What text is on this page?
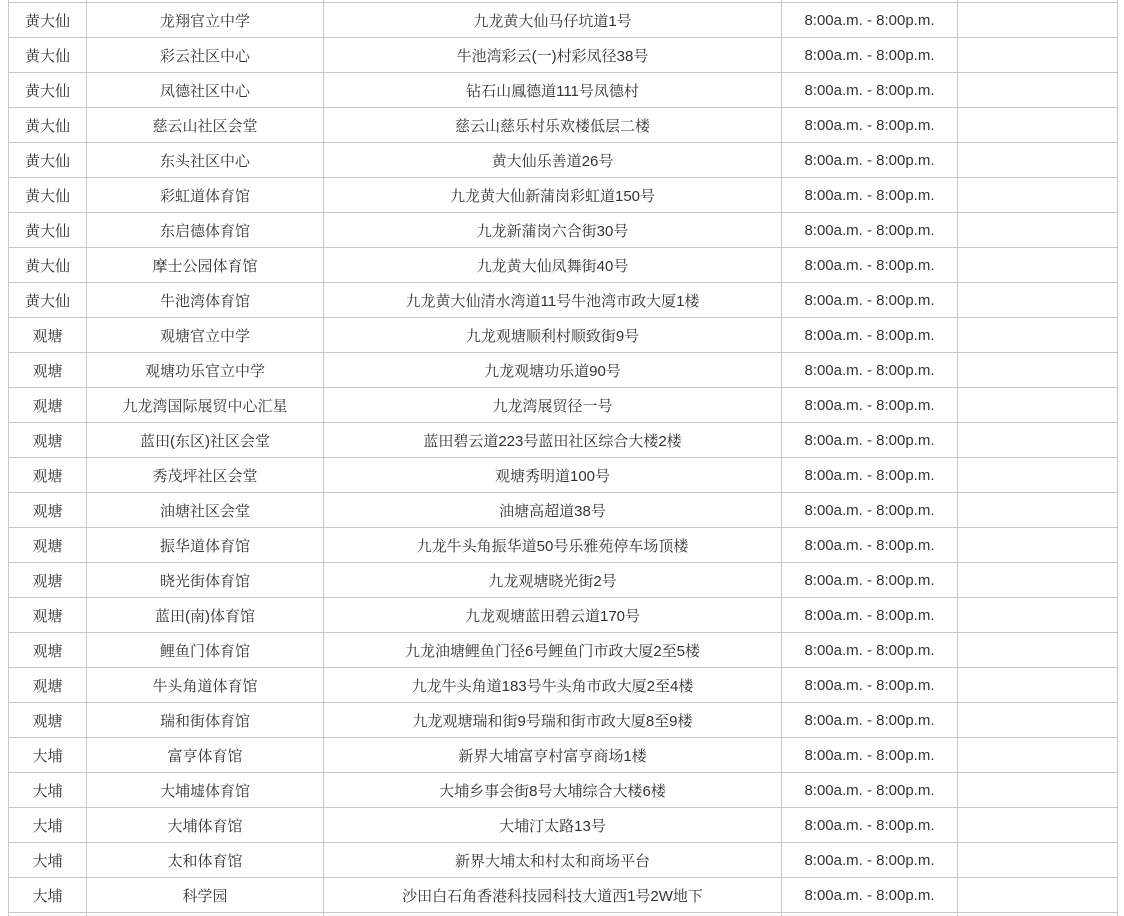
黄大仙	龙翔官立中学	九龙黄大仙马仔坑道1号	8:00a.m. - 8:00p.m.	
黄大仙	彩云社区中心	牛池湾彩云(一)村彩凤径38号	8:00a.m. - 8:00p.m.	
黄大仙	凤德社区中心	钻石山鳳德道111号凤德村	8:00a.m. - 8:00p.m.	
黄大仙	慈云山社区会堂	慈云山慈乐村乐欢楼低层二楼	8:00a.m. - 8:00p.m.	
黄大仙	东头社区中心	黄大仙乐善道26号	8:00a.m. - 8:00p.m.	
黄大仙	彩虹道体育馆	九龙黄大仙新蒲岗彩虹道150号	8:00a.m. - 8:00p.m.	
黄大仙	东启德体育馆	九龙新蒲岗六合街30号	8:00a.m. - 8:00p.m.	
黄大仙	摩士公园体育馆	九龙黄大仙凤舞街40号	8:00a.m. - 8:00p.m.	
黄大仙	牛池湾体育馆	九龙黄大仙清水湾道11号牛池湾市政大厦1楼	8:00a.m. - 8:00p.m.	
观塘	观塘官立中学	九龙观塘顺利村顺致街9号	8:00a.m. - 8:00p.m.	
观塘	观塘功乐官立中学	九龙观塘功乐道90号	8:00a.m. - 8:00p.m.	
观塘	九龙湾国际展贸中心汇星	九龙湾展贸径一号	8:00a.m. - 8:00p.m.	
观塘	蓝田(东区)社区会堂	蓝田碧云道223号蓝田社区综合大楼2楼	8:00a.m. - 8:00p.m.	
观塘	秀茂坪社区会堂	观塘秀明道100号	8:00a.m. - 8:00p.m.	
观塘	油塘社区会堂	油塘高超道38号	8:00a.m. - 8:00p.m.	
观塘	振华道体育馆	九龙牛头角振华道50号乐雅苑停车场顶楼	8:00a.m. - 8:00p.m.	
观塘	晓光街体育馆	九龙观塘晓光街2号	8:00a.m. - 8:00p.m.	
观塘	蓝田(南)体育馆	九龙观塘蓝田碧云道170号	8:00a.m. - 8:00p.m.	
观塘	鲤鱼门体育馆	九龙油塘鲤鱼门径6号鲤鱼门市政大厦2至5楼	8:00a.m. - 8:00p.m.	
观塘	牛头角道体育馆	九龙牛头角道183号牛头角市政大厦2至4楼	8:00a.m. - 8:00p.m.	
观塘	瑞和街体育馆	九龙观塘瑞和街9号瑞和街市政大厦8至9楼	8:00a.m. - 8:00p.m.	
大埔	富亨体育馆	新界大埔富亨村富亨商场1楼	8:00a.m. - 8:00p.m.	
大埔	大埔墟体育馆	大埔乡事会街8号大埔综合大楼6楼	8:00a.m. - 8:00p.m.	
大埔	大埔体育馆	大埔汀太路13号	8:00a.m. - 8:00p.m.	
大埔	太和体育馆	新界大埔太和村太和商场平台	8:00a.m. - 8:00p.m.	
大埔	科学园	沙田白石角香港科技园科技大道西1号2W地下	8:00a.m. - 8:00p.m.	
